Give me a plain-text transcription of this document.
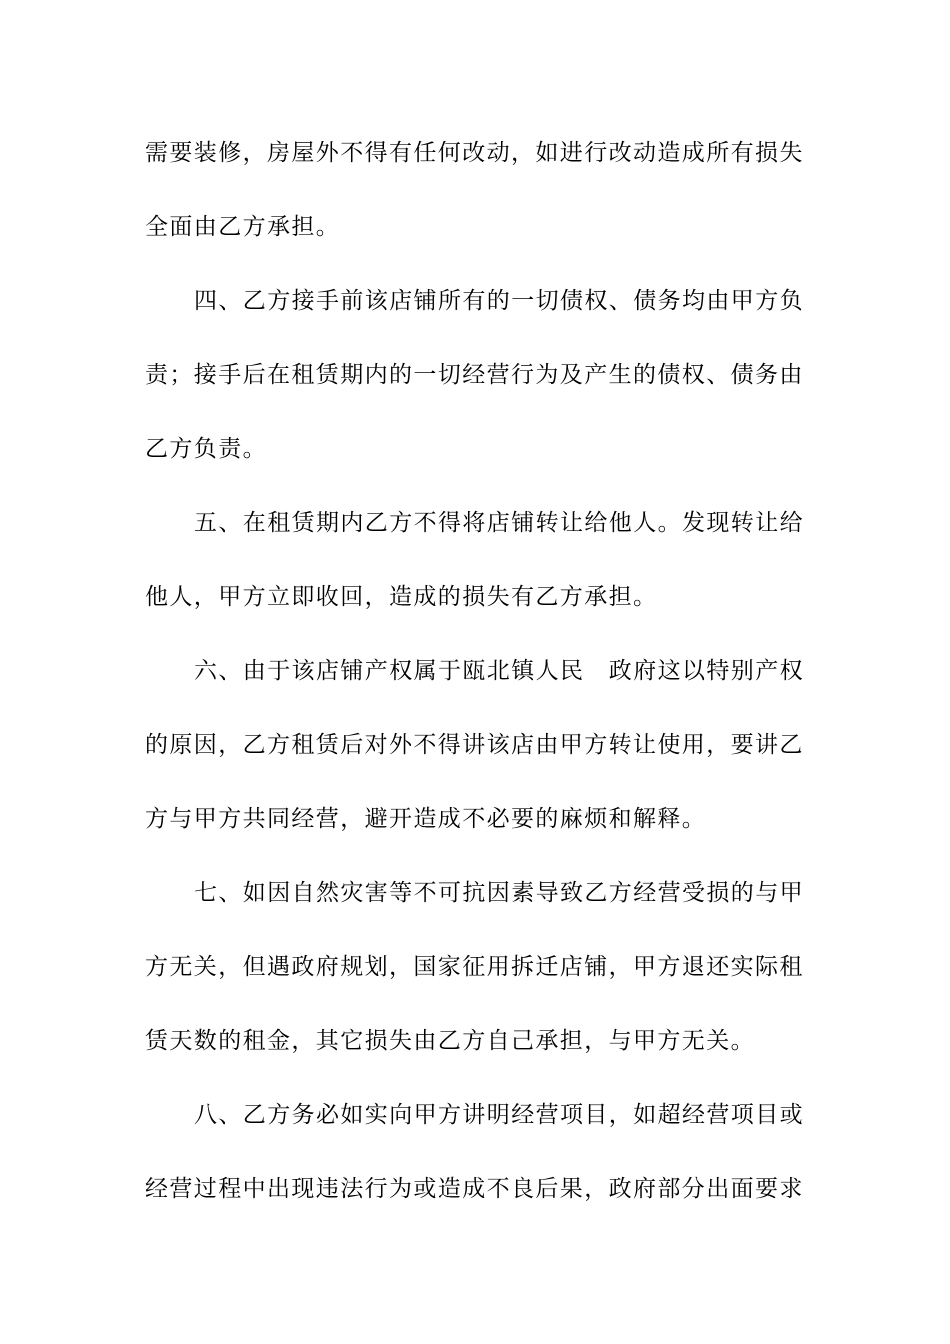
需要装修，房屋外不得有任何改动，如进行改动造成所有损失
全面由乙方承担。
四、乙方接手前该店铺所有的一切债权、债务均由甲方负
责；接手后在租赁期内的一切经营行为及产生的债权、债务由
乙方负责。
五、在租赁期内乙方不得将店铺转让给他人。发现转让给
他人，甲方立即收回，造成的损失有乙方承担。
六、由于该店铺产权属于瓯北镇人民　政府这以特别产权
的原因，乙方租赁后对外不得讲该店由甲方转让使用，要讲乙
方与甲方共同经营，避开造成不必要的麻烦和解释。
七、如因自然灾害等不可抗因素导致乙方经营受损的与甲
方无关，但遇政府规划，国家征用拆迁店铺，甲方退还实际租
赁天数的租金，其它损失由乙方自己承担，与甲方无关。
八、乙方务必如实向甲方讲明经营项目，如超经营项目或
经营过程中出现违法行为或造成不良后果，政府部分出面要求
